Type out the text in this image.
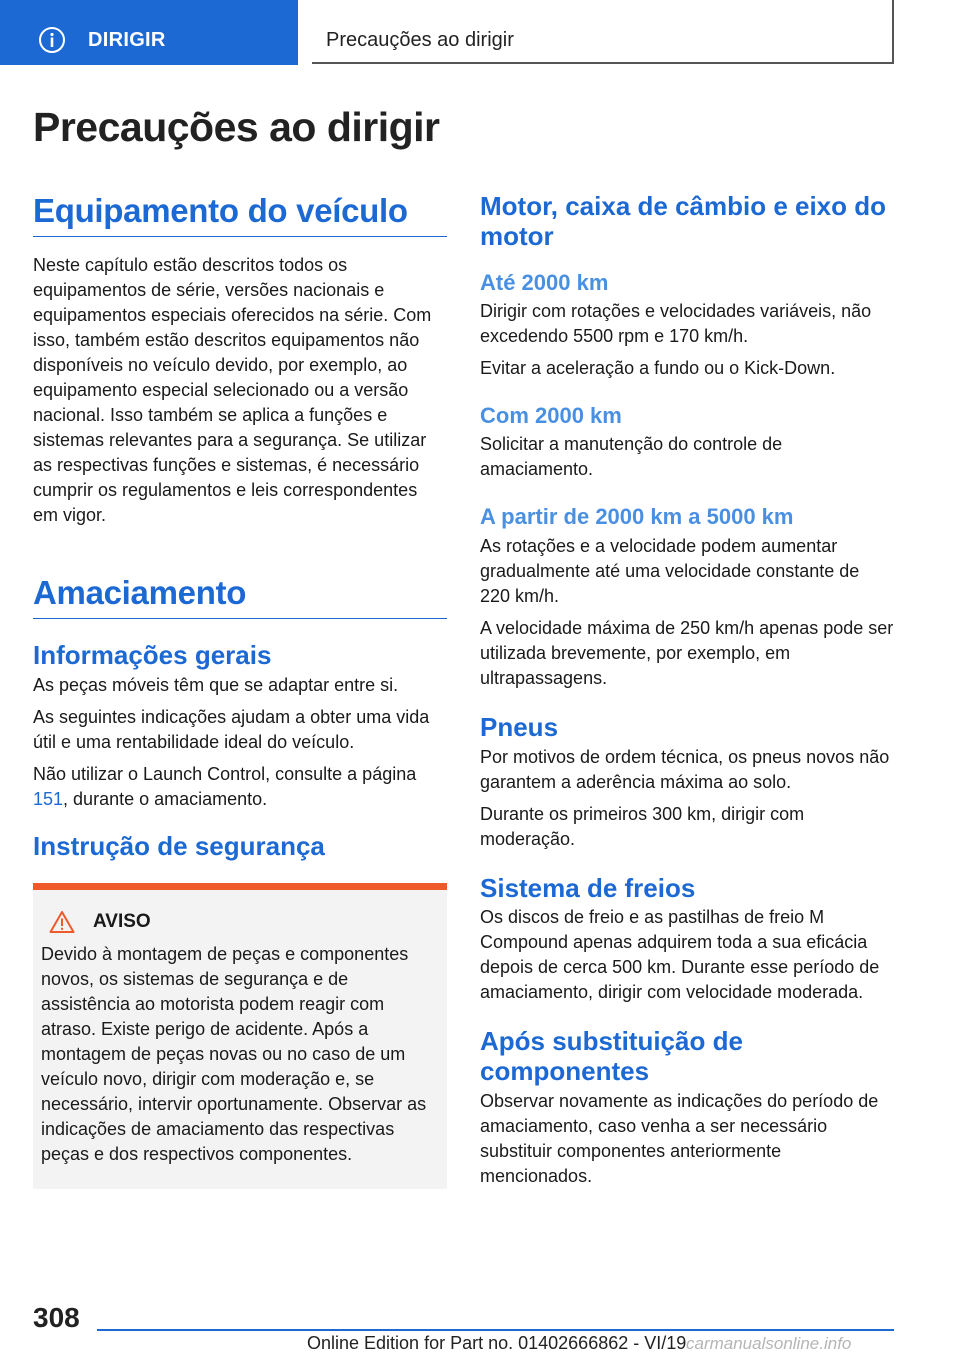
DIRIGIR	Precauções ao dirigir
Precauções ao dirigir
Equipamento do veículo

Neste capítulo estão descritos todos os equipamentos de série, versões nacionais e equipamentos especiais oferecidos na série. Com isso, também estão descritos equipamentos não disponíveis no veículo devido, por exemplo, ao equipamento especial selecionado ou a versão nacional. Isso também se aplica a funções e sistemas relevantes para a segurança. Se utilizar as respectivas funções e sistemas, é necessário cumprir os regulamentos e leis correspondentes em vigor.

Amaciamento
Informações gerais

As peças móveis têm que se adaptar entre si.

As seguintes indicações ajudam a obter uma vida útil e uma rentabilidade ideal do veículo.

Não utilizar o Launch Control, consulte a página 151, durante o amaciamento.

Instrução de segurança
AVISO

Devido à montagem de peças e componentes novos, os sistemas de segurança e de assistência ao motorista podem reagir com atraso. Existe perigo de acidente. Após a montagem de peças novas ou no caso de um veículo novo, dirigir com moderação e, se necessário, intervir oportunamente. Observar as indicações de amaciamento das respectivas peças e dos respectivos componentes.

Motor, caixa de câmbio e eixo do motor
Até 2000 km

Dirigir com rotações e velocidades variáveis, não excedendo 5500 rpm e 170 km/h.

Evitar a aceleração a fundo ou o Kick-Down.

Com 2000 km

Solicitar a manutenção do controle de amaciamento.

A partir de 2000 km a 5000 km

As rotações e a velocidade podem aumentar gradualmente até uma velocidade constante de 220 km/h.

A velocidade máxima de 250 km/h apenas pode ser utilizada brevemente, por exemplo, em ultrapassagens.

Pneus

Por motivos de ordem técnica, os pneus novos não garantem a aderência máxima ao solo.

Durante os primeiros 300 km, dirigir com moderação.

Sistema de freios

Os discos de freio e as pastilhas de freio M Compound apenas adquirem toda a sua eficácia depois de cerca 500 km. Durante esse período de amaciamento, dirigir com velocidade moderada.

Após substituição de componentes

Observar novamente as indicações do período de amaciamento, caso venha a ser necessário substituir componentes anteriormente mencionados.

308
Online Edition for Part no. 01402666862 - VI/19 carmanualsonline.info
